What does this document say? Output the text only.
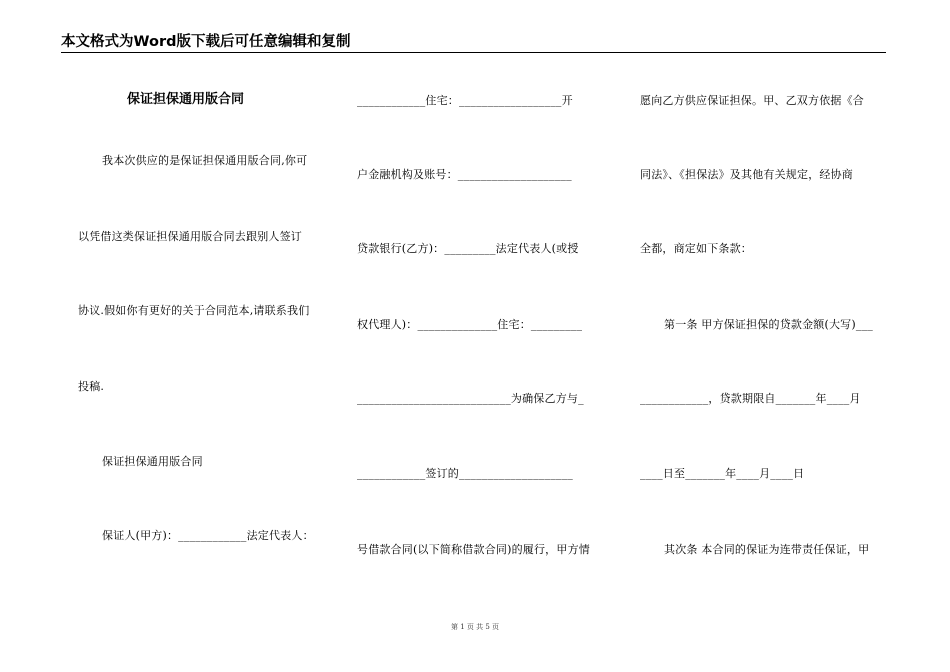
本文格式为Word版下载后可任意编辑和复制
保证担保通用版合同
我本次供应的是保证担保通用版合同,你可
以凭借这类保证担保通用版合同去跟别人签订
协议.假如你有更好的关于合同范本,请联系我们
投稿.
保证担保通用版合同
保证人(甲方)：____________法定代表人：
____________住宅：__________________开
户金融机构及账号：____________________
贷款银行(乙方)：_________法定代表人(或授
权代理人)：______________住宅：_________
___________________________为确保乙方与_
____________签订的____________________
号借款合同(以下简称借款合同)的履行，甲方情
愿向乙方供应保证担保。甲、乙双方依据《合
同法》、《担保法》及其他有关规定，经协商
全都，商定如下条款：
第一条 甲方保证担保的贷款金额(大写)___
____________，贷款期限自_______年____月
____日至_______年____月____日
其次条 本合同的保证为连带责任保证，甲
第 1 页 共 5 页
